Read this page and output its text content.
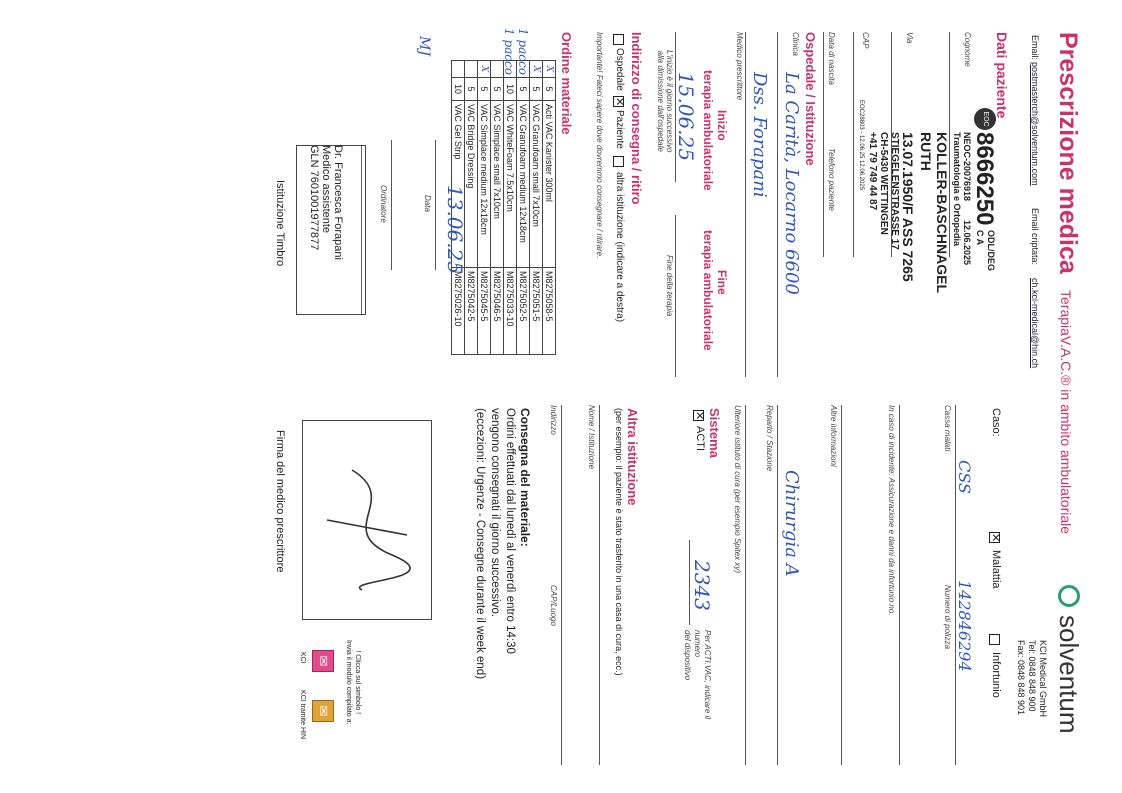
Prescrizione medica
TerapiaV.A.C.® in ambito ambulatoriale
solventum
Email:
postmasterch@solventum.com
Email criptata:
ch.kci-medical@hin.ch
KCI Medical GmbH
Tel: 0848 848 900
Fax: 0848 848 901
Dati paziente
EOC
8666250
ODL/DEG
C A
NEOC-20076918
12.06.2025
Traumatologia e Ortopedia
Cognome
KOLLER-BASCHNAGEL
RUTH
Via
13.07.1950/F ASS 7265
STIEGELENSTRASSE 17
CH-5430 WETTINGEN
+41 79 749 44 87
CAP
EOC28803 - 12.06.25 12.06.2025
Data di nascita
Telefono paziente
Caso:
✕
Malattia
Infortunio
CSS
142846294
Cassa malati
Numero di polizza
In caso di incidente: Assicurazione e danni da infortunio no.
Altre informazioni
Ospedale / Istituzione
Clinica
La Carità, Locarno 6600
Chirurgia A
Reparto / Stazione
Dss. Forapani
Medico prescrittore
Ulteriore istituto di cura (per esempio Spitex xy)
Inizio
terapia ambulatoriale
15.06.25
L'inizio è il giorno successivo
alla dimissione dall'ospedale
Fine
terapia ambulatoriale
Fine della terapia
Sistema
✕
ACTI
2343
Per ACTI.VAC, indicare il
numero
del dispositivo
Indirizzo di consegna / ritiro
Ospedale
✕
Paziente
altra istituzione (indicare a destra)
Importante! Fateci sapere dove dovremmo consegnare / ritirare.
Altra istituzione
(per esempio: il paziente è stato trasferito in una casa di cura, ecc.)
Nome / Istituzione
Indirizzo
CAP/Luogo
Consegna del materiale:
Ordini effettuati dal lunedì al venerdì entro 14:30
vengono consegnati il giorno successivo.
(eccezioni: Urgenze - Consegne durante il week end)
Ordine materiale
1 pacco
1 pacco
MJ
X	5	Acti VAC Kanister 300ml	M8275058-5
X	5	VAC Granufoam small 7x10cm	M8275051-5
	5	VAC Granufoam medium 12x18cm	M8275052-5
	10	VAC WhiteFoam 7.5x10cm	M8275033-10
	5	VAC Simplace small 7x10cm	M8275046-5
X	5	VAC Simplace medium 12x18cm	M8275045-5
	5	VAC Bridge Dressing	M8275042-5
	10	VAC Gel Strip	M8275026-10
13.06.25
Data
Ordinatore
Dr. Francesca Forapani
Medico assistente
GLN 7601001977877
Istituzione Timbro
Firma del medico prescrittore
! Clicca sul simbolo !
Invia il modulo compilato a:
✉
✉
KCI
KCI tramite HIN
